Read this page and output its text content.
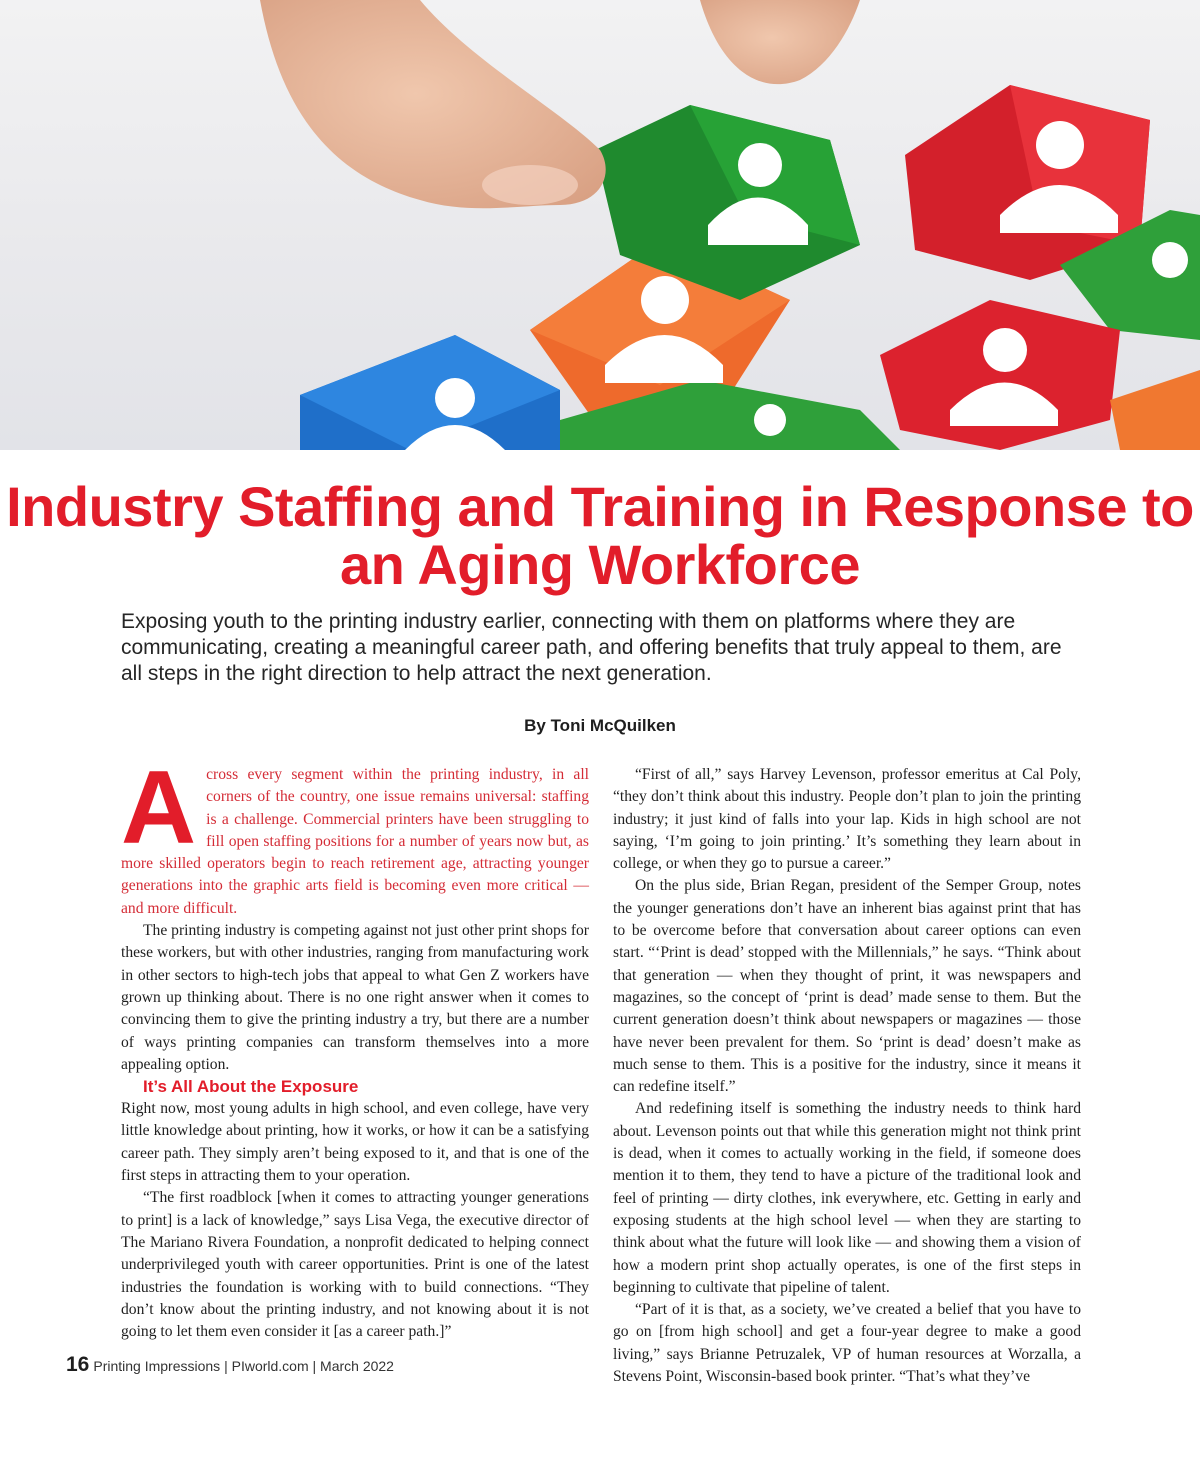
Industry Staffing and Training in Response to an Aging Workforce

Exposing youth to the printing industry earlier, connecting with them on platforms where they are communicating, creating a meaningful career path, and offering benefits that truly appeal to them, are all steps in the right direction to help attract the next generation.

By Toni McQuilken

Across every segment within the printing industry, in all corners of the country, one issue remains universal: staffing is a challenge. Commercial printers have been struggling to fill open staffing positions for a number of years now but, as more skilled operators begin to reach retirement age, attracting younger generations into the graphic arts field is becoming even more critical — and more difficult.

The printing industry is competing against not just other print shops for these workers, but with other industries, ranging from manufacturing work in other sectors to high-tech jobs that appeal to what Gen Z workers have grown up thinking about. There is no one right answer when it comes to convincing them to give the printing industry a try, but there are a number of ways printing companies can transform themselves into a more appealing option.

It’s All About the Exposure

Right now, most young adults in high school, and even college, have very little knowledge about printing, how it works, or how it can be a satisfying career path. They simply aren’t being exposed to it, and that is one of the first steps in attracting them to your operation.

“The first roadblock [when it comes to attracting younger generations to print] is a lack of knowledge,” says Lisa Vega, the executive director of The Mariano Rivera Foundation, a nonprofit dedicated to helping connect underprivileged youth with career opportunities. Print is one of the latest industries the foundation is working with to build connections. “They don’t know about the printing industry, and not knowing about it is not going to let them even consider it [as a career path.]”

“First of all,” says Harvey Levenson, professor emeritus at Cal Poly, “they don’t think about this industry. People don’t plan to join the printing industry; it just kind of falls into your lap. Kids in high school are not saying, ‘I’m going to join printing.’ It’s something they learn about in college, or when they go to pursue a career.”

On the plus side, Brian Regan, president of the Semper Group, notes the younger generations don’t have an inherent bias against print that has to be overcome before that conversation about career options can even start. “‘Print is dead’ stopped with the Millennials,” he says. “Think about that generation — when they thought of print, it was newspapers and magazines, so the concept of ‘print is dead’ made sense to them. But the current generation doesn’t think about newspapers or magazines — those have never been prevalent for them. So ‘print is dead’ doesn’t make as much sense to them. This is a positive for the industry, since it means it can redefine itself.”

And redefining itself is something the industry needs to think hard about. Levenson points out that while this generation might not think print is dead, when it comes to actually working in the field, if someone does mention it to them, they tend to have a picture of the traditional look and feel of printing — dirty clothes, ink everywhere, etc. Getting in early and exposing students at the high school level — when they are starting to think about what the future will look like — and showing them a vision of how a modern print shop actually operates, is one of the first steps in beginning to cultivate that pipeline of talent.

“Part of it is that, as a society, we’ve created a belief that you have to go on [from high school] and get a four-year degree to make a good living,” says Brianne Petruzalek, VP of human resources at Worzalla, a Stevens Point, Wisconsin-based book printer. “That’s what they’ve

16 Printing Impressions | PIworld.com | March 2022
